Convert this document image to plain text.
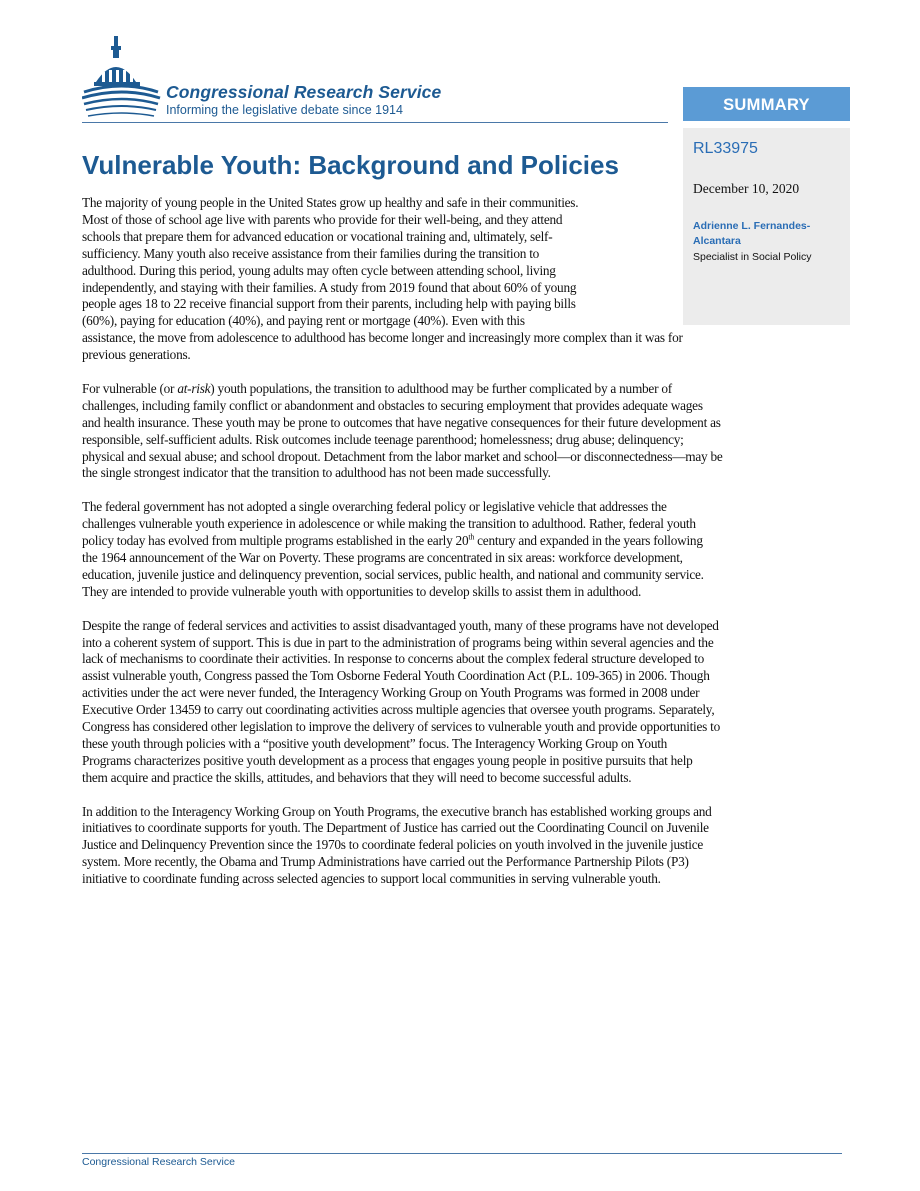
Congressional Research Service
Informing the legislative debate since 1914	SUMMARY
RL33975
December 10, 2020
Adrienne L. Fernandes-
Alcantara
Specialist in Social Policy
Vulnerable Youth: Background and Policies
The majority of young people in the United States grow up healthy and safe in their communities.
Most of those of school age live with parents who provide for their well-being, and they attend
schools that prepare them for advanced education or vocational training and, ultimately, self-
sufficiency. Many youth also receive assistance from their families during the transition to
adulthood. During this period, young adults may often cycle between attending school, living
independently, and staying with their families. A study from 2019 found that about 60% of young
people ages 18 to 22 receive financial support from their parents, including help with paying bills
(60%), paying for education (40%), and paying rent or mortgage (40%). Even with this
assistance, the move from adolescence to adulthood has become longer and increasingly more complex than it was for
previous generations.
For vulnerable (or at-risk) youth populations, the transition to adulthood may be further complicated by a number of
challenges, including family conflict or abandonment and obstacles to securing employment that provides adequate wages
and health insurance. These youth may be prone to outcomes that have negative consequences for their future development as
responsible, self-sufficient adults. Risk outcomes include teenage parenthood; homelessness; drug abuse; delinquency;
physical and sexual abuse; and school dropout. Detachment from the labor market and school—or disconnectedness—may be
the single strongest indicator that the transition to adulthood has not been made successfully.
The federal government has not adopted a single overarching federal policy or legislative vehicle that addresses the
challenges vulnerable youth experience in adolescence or while making the transition to adulthood. Rather, federal youth
policy today has evolved from multiple programs established in the early 20th century and expanded in the years following
the 1964 announcement of the War on Poverty. These programs are concentrated in six areas: workforce development,
education, juvenile justice and delinquency prevention, social services, public health, and national and community service.
They are intended to provide vulnerable youth with opportunities to develop skills to assist them in adulthood.
Despite the range of federal services and activities to assist disadvantaged youth, many of these programs have not developed
into a coherent system of support. This is due in part to the administration of programs being within several agencies and the
lack of mechanisms to coordinate their activities. In response to concerns about the complex federal structure developed to
assist vulnerable youth, Congress passed the Tom Osborne Federal Youth Coordination Act (P.L. 109-365) in 2006. Though
activities under the act were never funded, the Interagency Working Group on Youth Programs was formed in 2008 under
Executive Order 13459 to carry out coordinating activities across multiple agencies that oversee youth programs. Separately,
Congress has considered other legislation to improve the delivery of services to vulnerable youth and provide opportunities to
these youth through policies with a “positive youth development” focus. The Interagency Working Group on Youth
Programs characterizes positive youth development as a process that engages young people in positive pursuits that help
them acquire and practice the skills, attitudes, and behaviors that they will need to become successful adults.
In addition to the Interagency Working Group on Youth Programs, the executive branch has established working groups and
initiatives to coordinate supports for youth. The Department of Justice has carried out the Coordinating Council on Juvenile
Justice and Delinquency Prevention since the 1970s to coordinate federal policies on youth involved in the juvenile justice
system. More recently, the Obama and Trump Administrations have carried out the Performance Partnership Pilots (P3)
initiative to coordinate funding across selected agencies to support local communities in serving vulnerable youth.
Congressional Research Service
